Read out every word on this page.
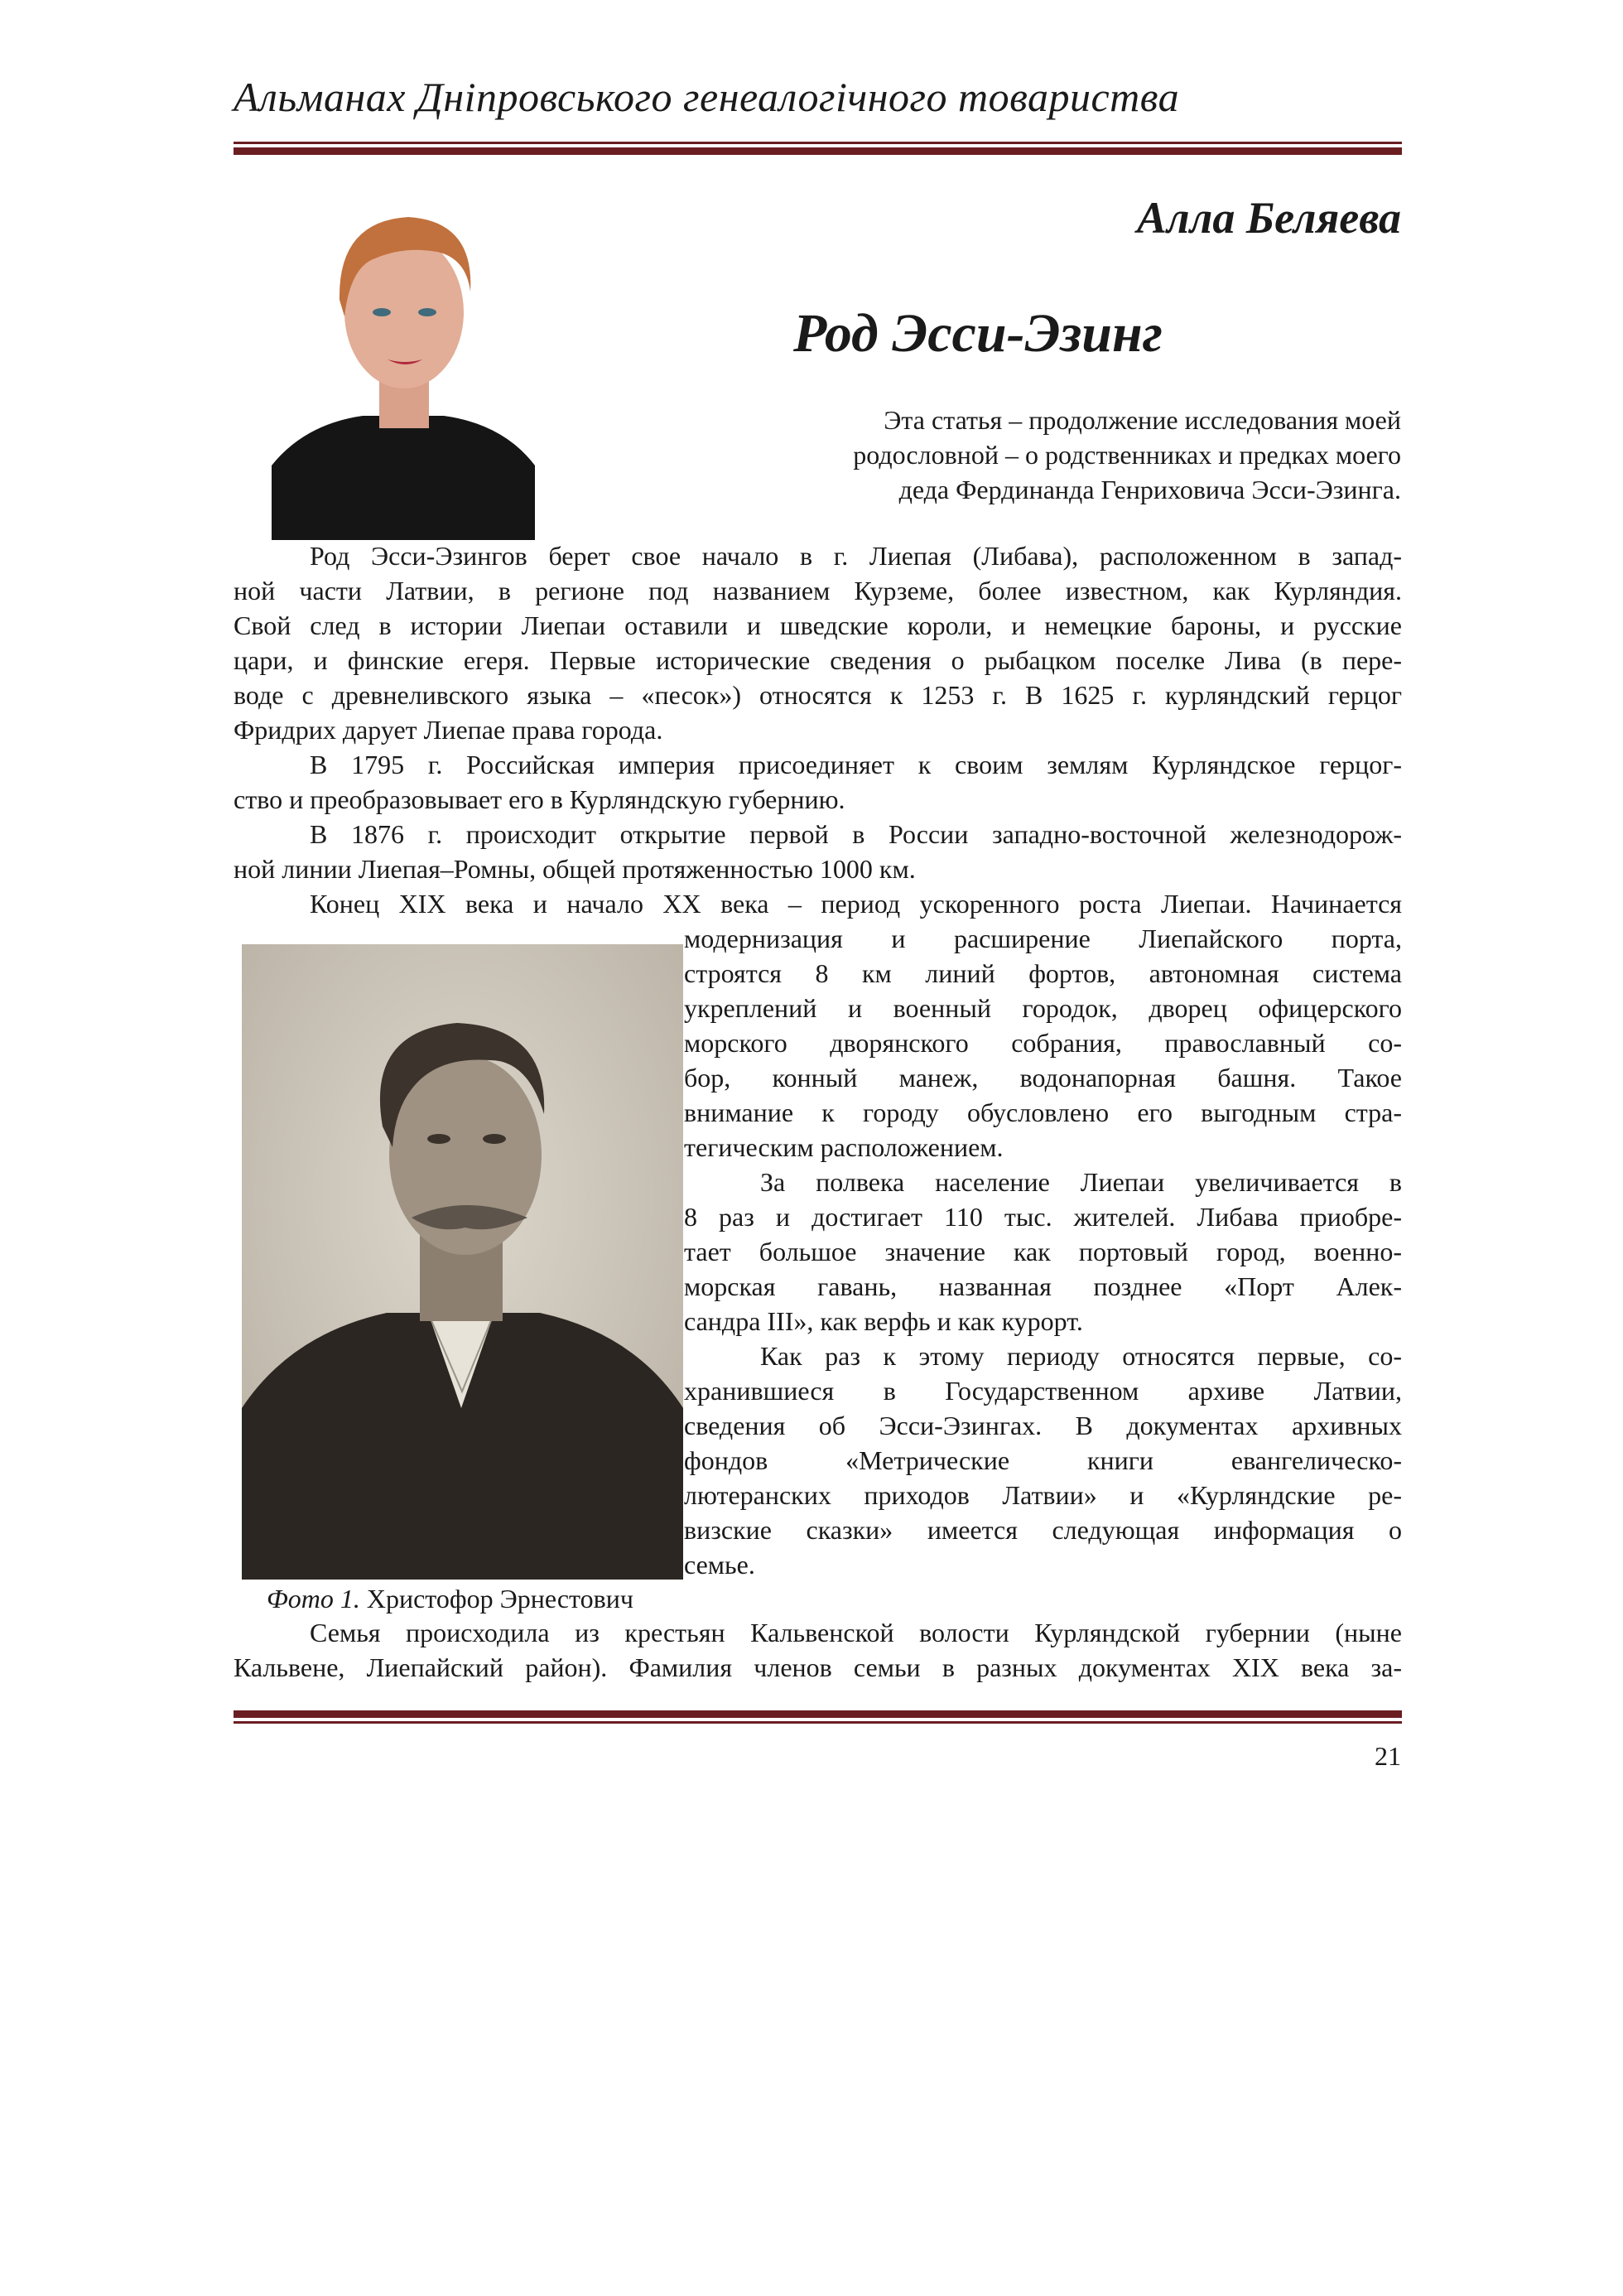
Альманах Дніпровського генеалогічного товариства
Алла Беляева
Род Эсси-Эзинг
Эта статья – продолжение исследования моей
родословной – о родственниках и предках моего
деда Фердинанда Генриховича Эсси-Эзинга.
Род Эсси-Эзингов берет свое начало в г. Лиепая (Либава), расположенном в запад-
ной части Латвии, в регионе под названием Курземе, более известном, как Курляндия.
Свой след в истории Лиепаи оставили и шведские короли, и немецкие бароны, и русские
цари, и финские егеря. Первые исторические сведения о рыбацком поселке Лива (в пере-
воде с древнеливского языка – «песок») относятся к 1253 г. В 1625 г. курляндский герцог
Фридрих дарует Лиепае права города.
В 1795 г. Российская империя присоединяет к своим землям Курляндское герцог-
ство и преобразовывает его в Курляндскую губернию.
В 1876 г. происходит открытие первой в России западно-восточной железнодорож-
ной линии Лиепая–Ромны, общей протяженностью 1000 км.
Конец XIX века и начало XX века – период ускоренного роста Лиепаи. Начинается
модернизация и расширение Лиепайского порта,
строятся 8 км линий фортов, автономная система
укреплений и военный городок, дворец офицерского
морского дворянского собрания, православный со-
бор, конный манеж, водонапорная башня. Такое
внимание к городу обусловлено его выгодным стра-
тегическим расположением.
За полвека население Лиепаи увеличивается в
8 раз и достигает 110 тыс. жителей. Либава приобре-
тает большое значение как портовый город, военно-
морская гавань, названная позднее «Порт Алек-
сандра III», как верфь и как курорт.
Как раз к этому периоду относятся первые, со-
хранившиеся в Государственном архиве Латвии,
сведения об Эсси-Эзингах. В документах архивных
фондов «Метрические книги евангелическо-
лютеранских приходов Латвии» и «Курляндские ре-
визские сказки» имеется следующая информация о
семье.

Фото 1. Христофор Эрнестович

Семья происходила из крестьян Кальвенской волости Курляндской губернии (ныне
Кальвене, Лиепайский район). Фамилия членов семьи в разных документах XIX века за-

21
